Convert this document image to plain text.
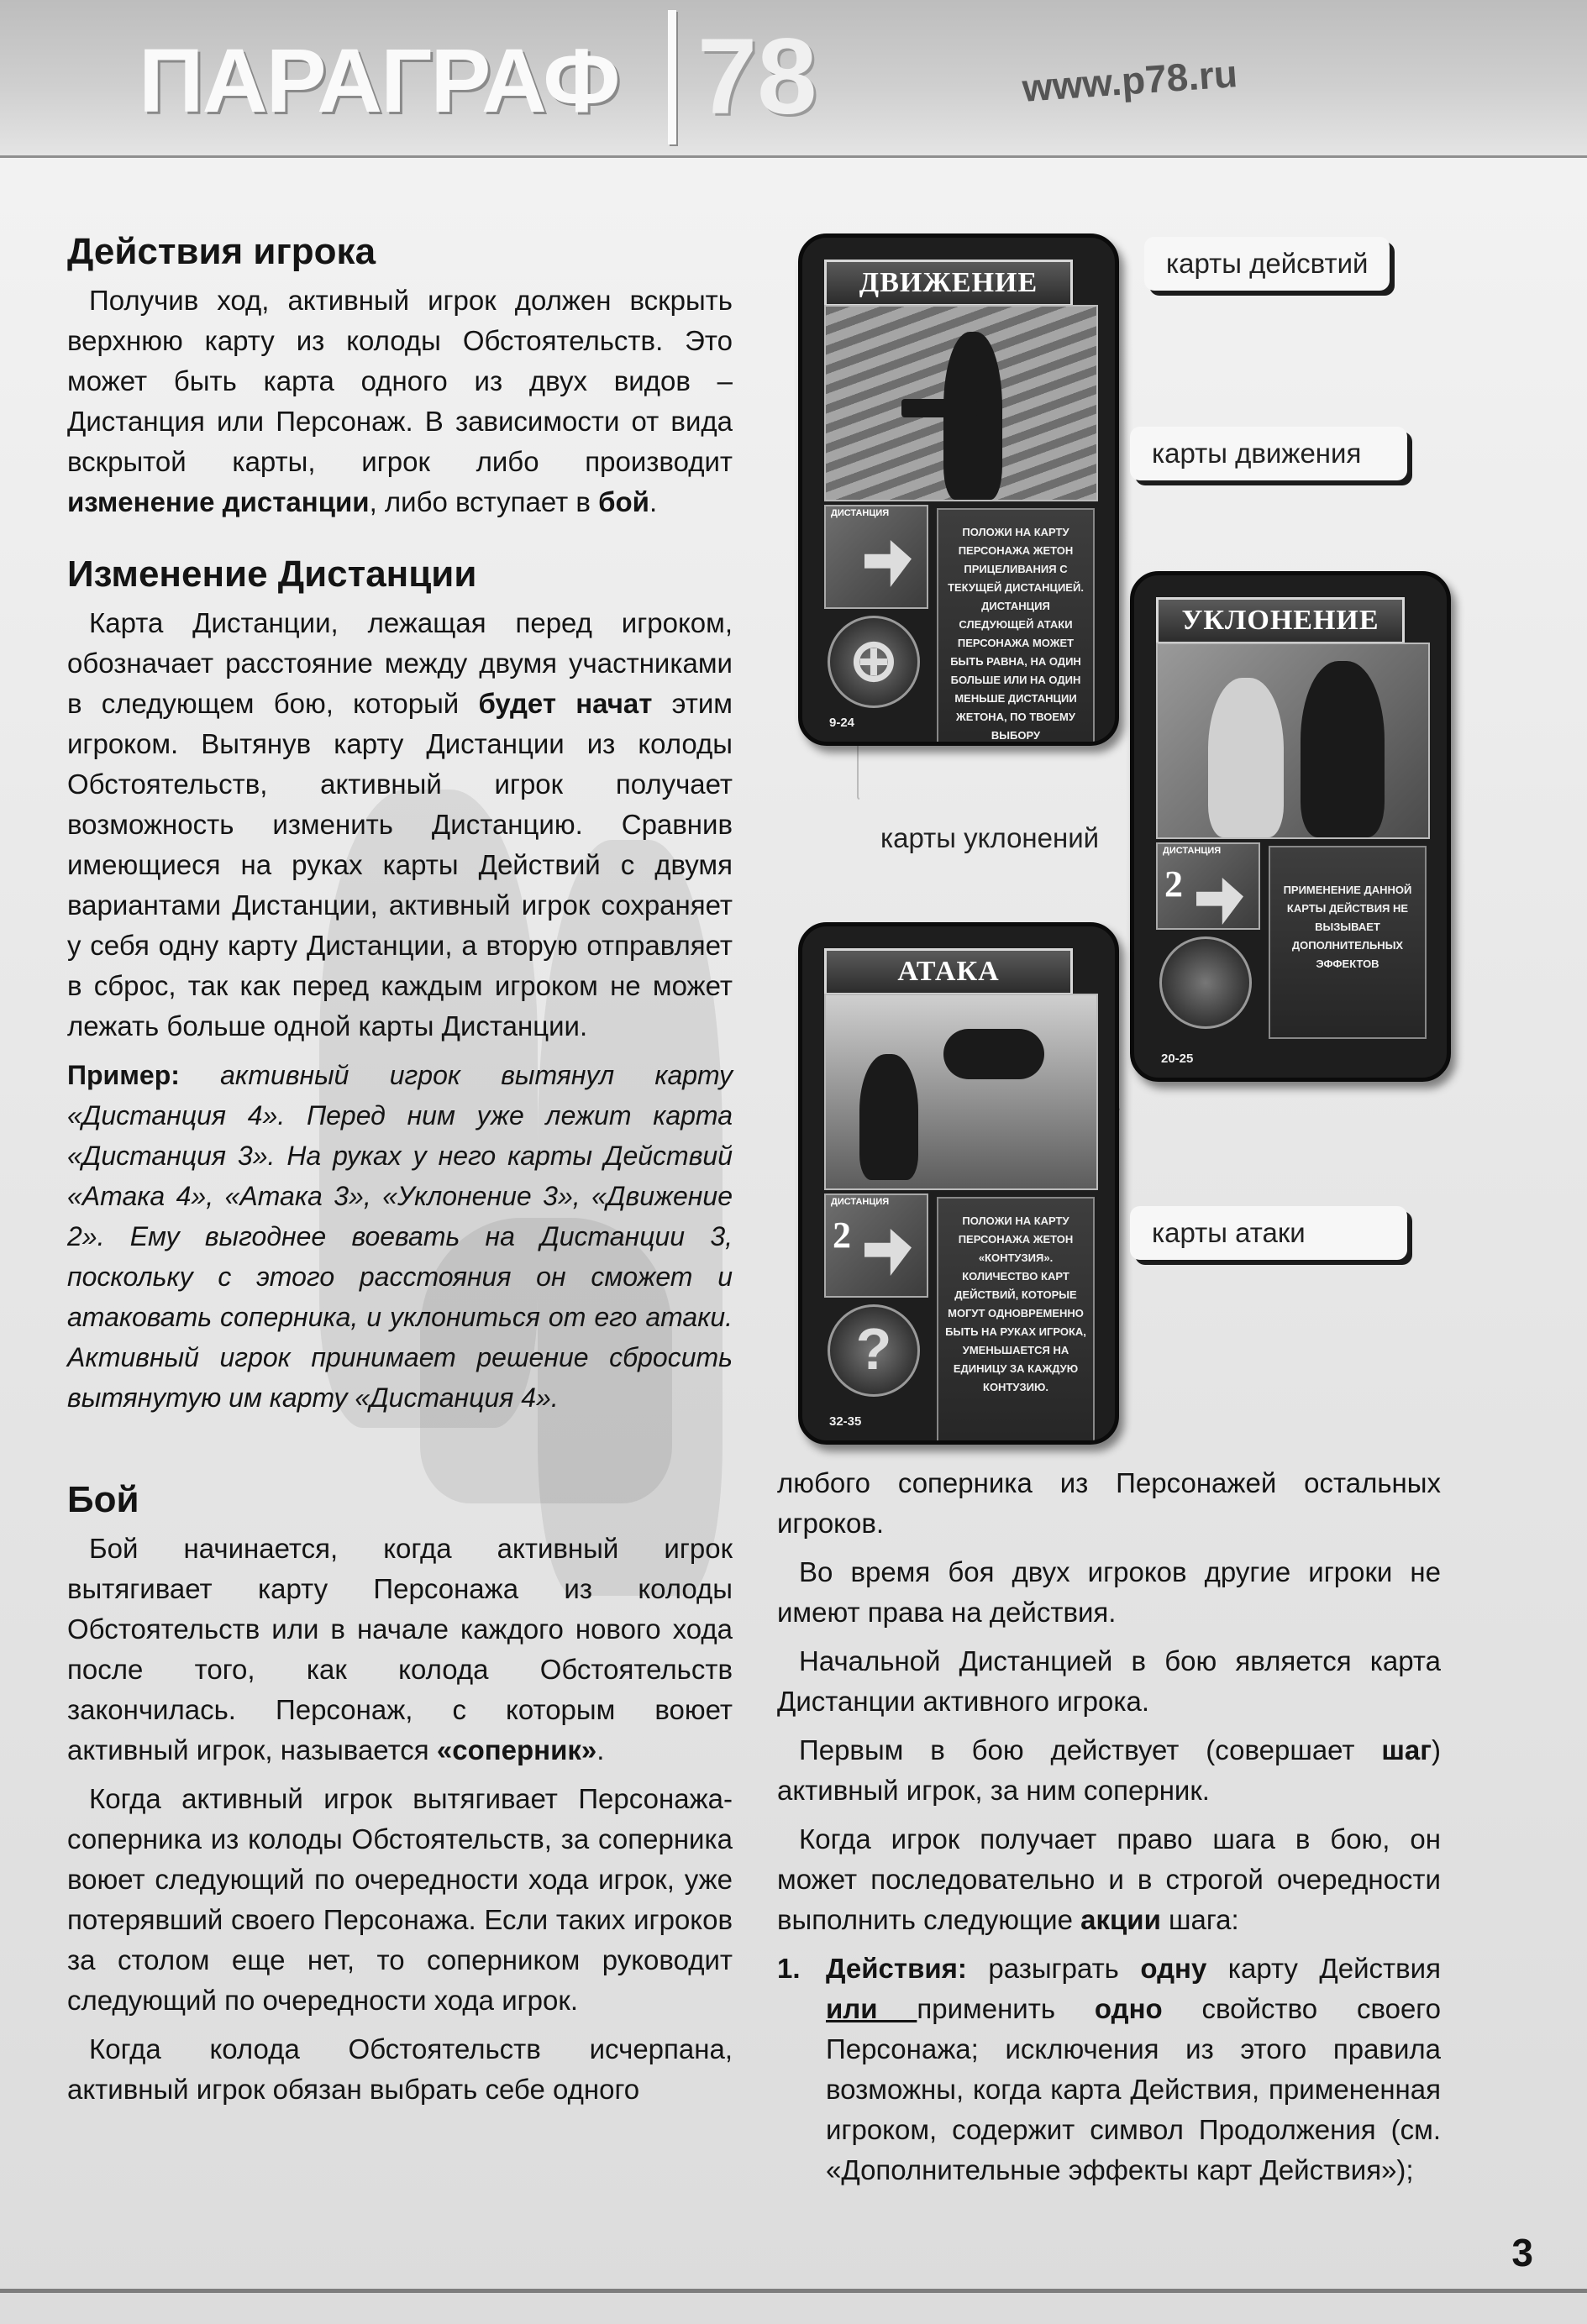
ПАРАГРАФ 78	www.p78.ru
Действия игрока

Получив ход, активный игрок должен вскрыть верхнюю карту из колоды Обстоятельств. Это может быть карта одного из двух видов – Дистанция или Персонаж. В зависимости от вида вскрытой карты, игрок либо производит изменение дистанции, либо вступает в бой.

Изменение Дистанции

Карта Дистанции, лежащая перед игроком, обозначает расстояние между двумя участниками в следующем бою, который будет начат этим игроком. Вытянув карту Дистанции из колоды Обстоятельств, активный игрок получает возможность изменить Дистанцию. Сравнив имеющиеся на руках карты Действий с двумя вариантами Дистанции, активный игрок сохраняет у себя одну карту Дистанции, а вторую отправляет в сброс, так как перед каждым игроком не может лежать больше одной карты Дистанции.

Пример: активный игрок вытянул карту «Дистанция 4». Перед ним уже лежит карта «Дистанция 3». На руках у него карты Действий «Атака 4», «Атака 3», «Уклонение 3», «Движение 2». Ему выгоднее воевать на Дистанции 3, поскольку с этого расстояния он сможет и атаковать соперника, и уклониться от его атаки. Активный игрок принимает решение сбросить вытянутую им карту «Дистанция 4».

Бой

Бой начинается, когда активный игрок вытягивает карту Персонажа из колоды Обстоятельств или в начале каждого нового хода после того, как колода Обстоятельств закончилась. Персонаж, с которым воюет активный игрок, называется «соперник».

Когда активный игрок вытягивает Персонажа-соперника из колоды Обстоятельств, за соперника воюет следующий по очередности хода игрок, уже потерявший своего Персонажа. Если таких игроков за столом еще нет, то соперником руководит следующий по очередности хода игрок.

Когда колода Обстоятельств исчерпана, активный игрок обязан выбрать себе одного

любого соперника из Персонажей остальных игроков.

Во время боя двух игроков другие игроки не имеют права на действия.

Начальной Дистанцией в бою является карта Дистанции активного игрока.

Первым в бою действует (совершает шаг) активный игрок, за ним соперник.

Когда игрок получает право шага в бою, он может последовательно и в строгой очередности выполнить следующие акции шага:

1. Действия: разыграть одну карту Действия или применить одно свойство своего Персонажа; исключения из этого правила возможны, когда карта Действия, примененная игроком, содержит символ Продолжения (см. «Дополнительные эффекты карт Действия»);
ДВИЖЕНИЕ
ДИСТАНЦИЯ
⊕
ПОЛОЖИ НА КАРТУ ПЕРСОНАЖА ЖЕТОН ПРИЦЕЛИВАНИЯ С ТЕКУЩЕЙ ДИСТАНЦИЕЙ. ДИСТАНЦИЯ СЛЕДУЮЩЕЙ АТАКИ ПЕРСОНАЖА МОЖЕТ БЫТЬ РАВНА, НА ОДИН БОЛЬШЕ ИЛИ НА ОДИН МЕНЬШЕ ДИСТАНЦИИ ЖЕТОНА, ПО ТВОЕМУ ВЫБОРУ
9-24
УКЛОНЕНИЕ
ДИСТАНЦИЯ
2	ПРИМЕНЕНИЕ ДАННОЙ КАРТЫ ДЕЙСТВИЯ НЕ ВЫЗЫВАЕТ ДОПОЛНИТЕЛЬНЫХ ЭФФЕКТОВ
20-25
АТАКА
ДИСТАНЦИЯ
2
?
ПОЛОЖИ НА КАРТУ ПЕРСОНАЖА ЖЕТОН «КОНТУЗИЯ». КОЛИЧЕСТВО КАРТ ДЕЙСТВИЙ, КОТОРЫЕ МОГУТ ОДНОВРЕМЕННО БЫТЬ НА РУКАХ ИГРОКА, УМЕНЬШАЕТСЯ НА ЕДИНИЦУ ЗА КАЖДУЮ КОНТУЗИЮ.
32-35
карты дейсвтий
карты движения
карты уклонений
карты атаки
3
